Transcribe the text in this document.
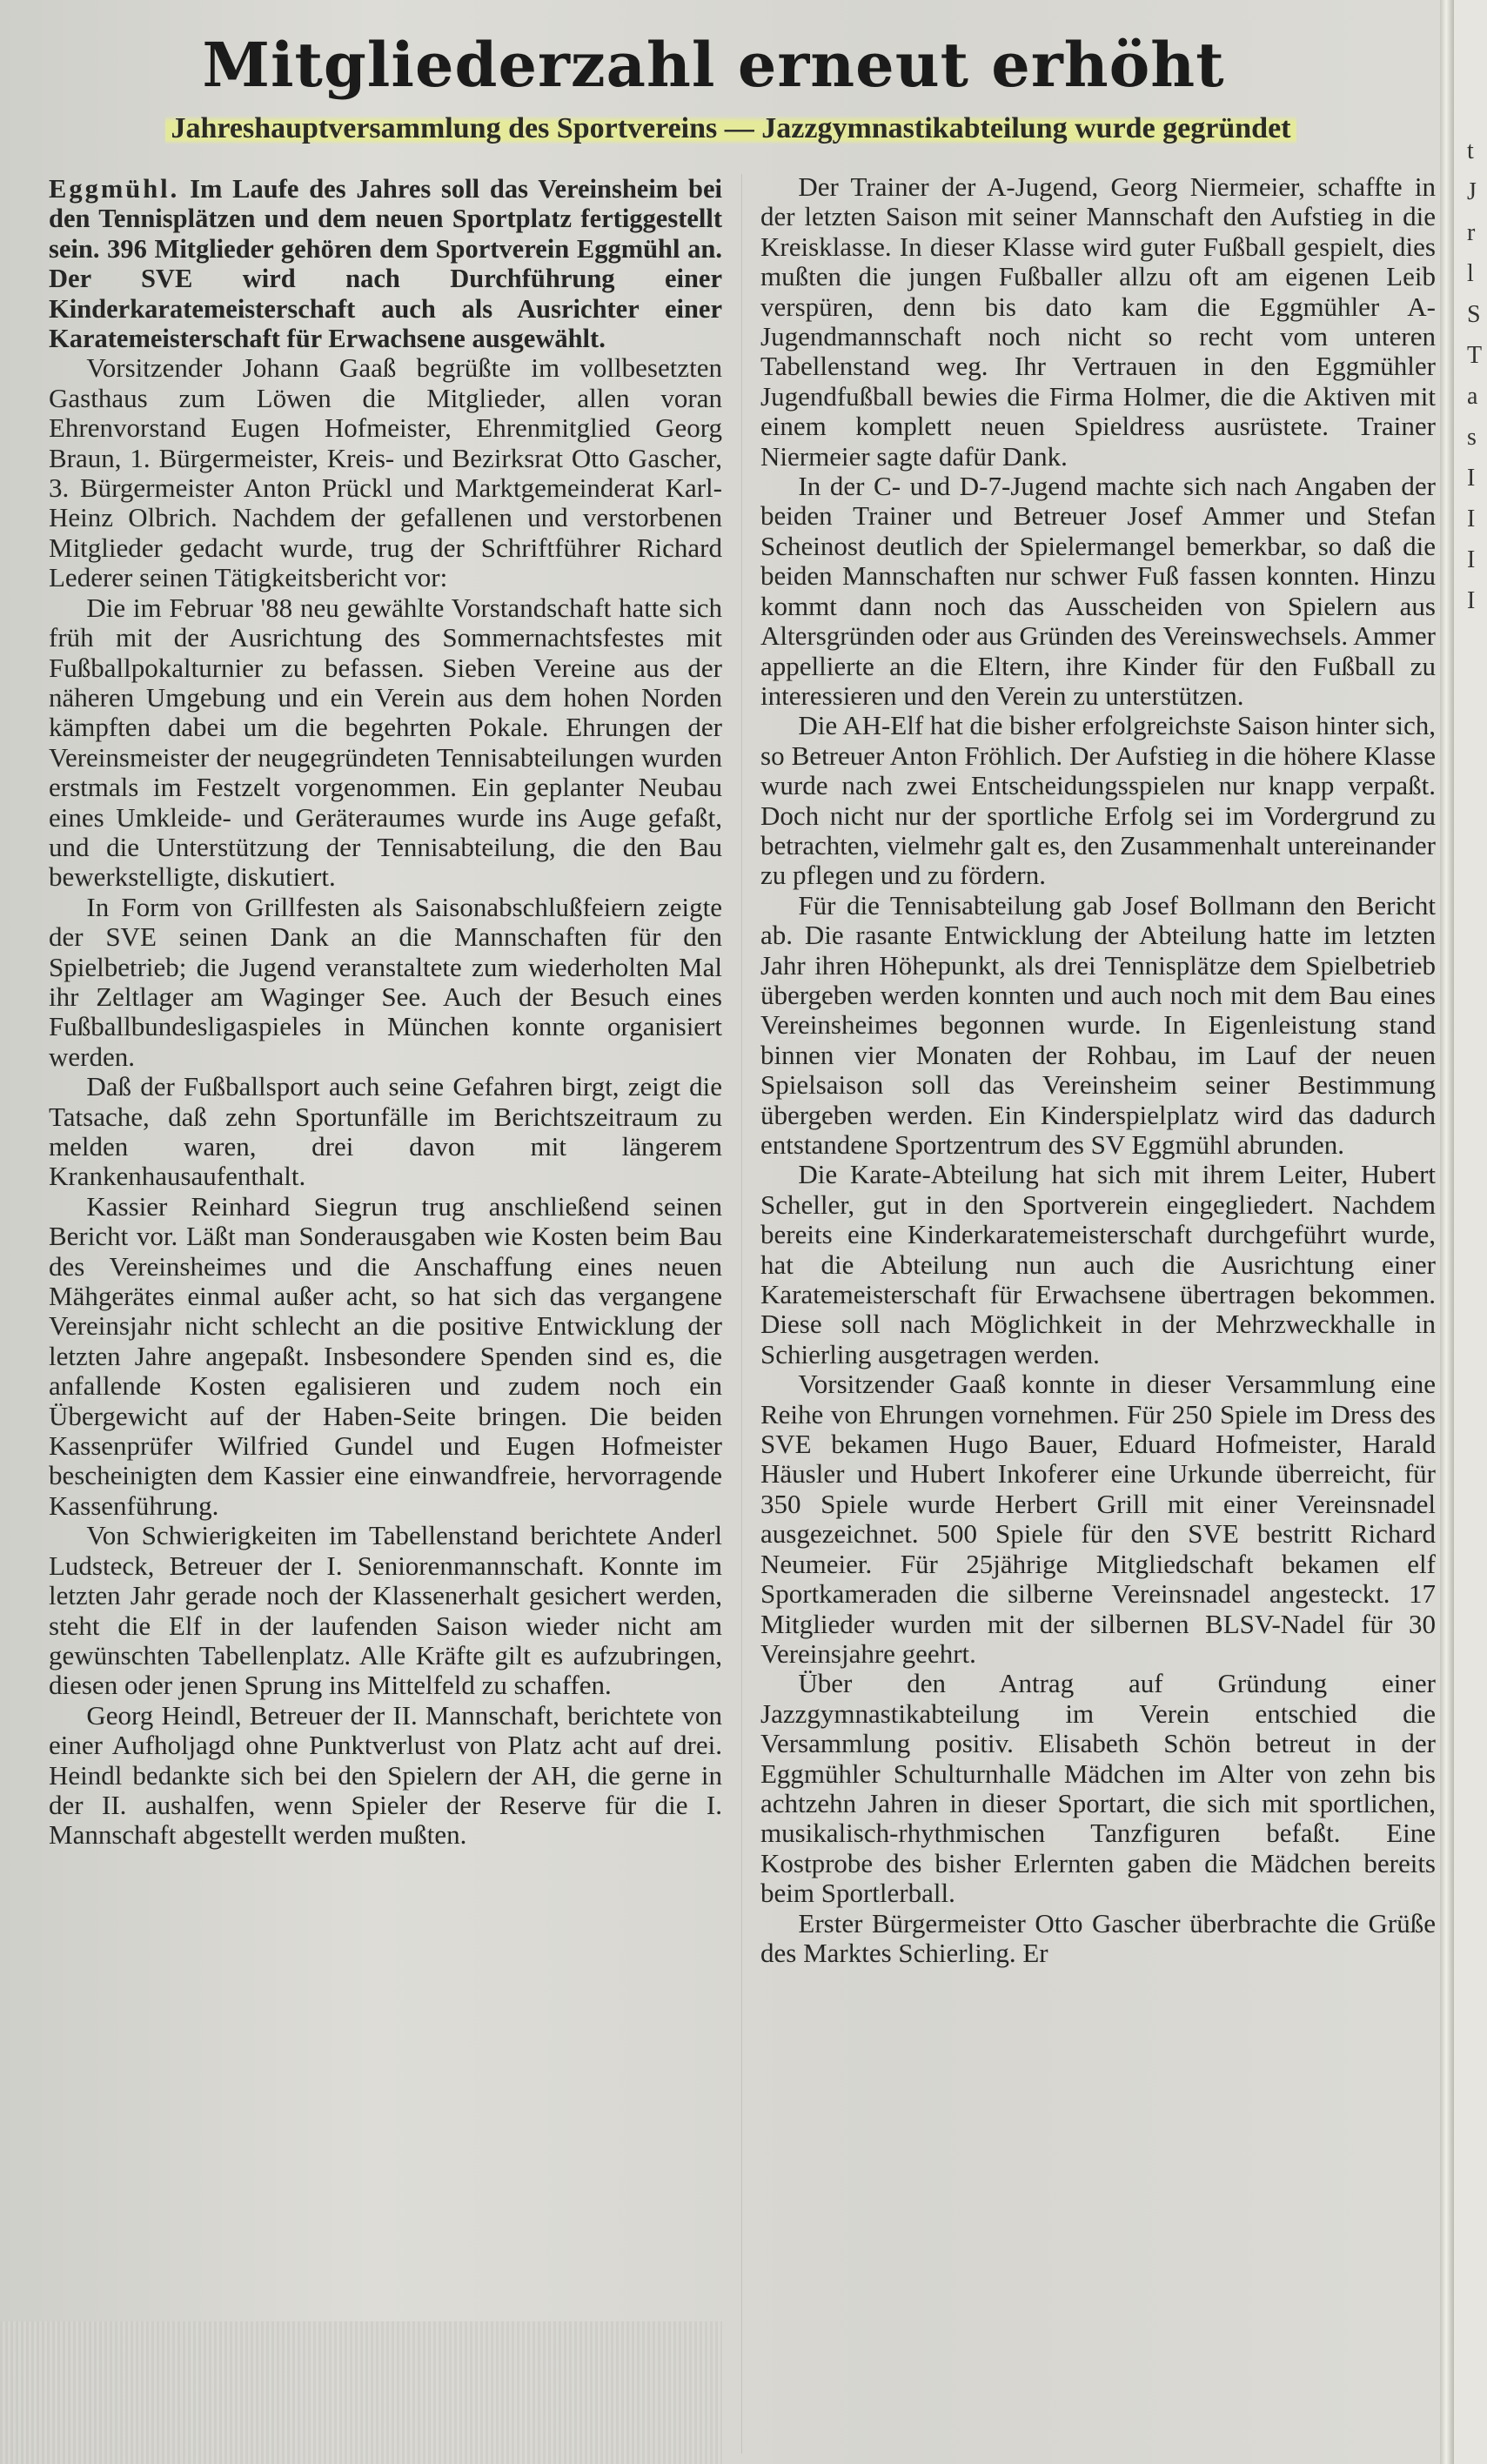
Mitgliederzahl erneut erhöht
Jahreshauptversammlung des Sportvereins — Jazzgymnastikabteilung wurde gegründet

Eggmühl. Im Laufe des Jahres soll das Vereinsheim bei den Tennisplätzen und dem neuen Sportplatz fertiggestellt sein. 396 Mitglieder gehören dem Sportverein Eggmühl an. Der SVE wird nach Durchführung einer Kinderkaratemeisterschaft auch als Ausrichter einer Karatemeisterschaft für Erwachsene ausgewählt.

Vorsitzender Johann Gaaß begrüßte im vollbesetzten Gasthaus zum Löwen die Mitglieder, allen voran Ehrenvorstand Eugen Hofmeister, Ehrenmitglied Georg Braun, 1. Bürgermeister, Kreis- und Bezirksrat Otto Gascher, 3. Bürgermeister Anton Prückl und Marktgemeinderat Karl-Heinz Olbrich. Nachdem der gefallenen und verstorbenen Mitglieder gedacht wurde, trug der Schriftführer Richard Lederer seinen Tätigkeitsbericht vor:

Die im Februar '88 neu gewählte Vorstandschaft hatte sich früh mit der Ausrichtung des Sommernachtsfestes mit Fußballpokalturnier zu befassen. Sieben Vereine aus der näheren Umgebung und ein Verein aus dem hohen Norden kämpften dabei um die begehrten Pokale. Ehrungen der Vereinsmeister der neugegründeten Tennisabteilungen wurden erstmals im Festzelt vorgenommen. Ein geplanter Neubau eines Umkleide- und Geräteraumes wurde ins Auge gefaßt, und die Unterstützung der Tennisabteilung, die den Bau bewerkstelligte, diskutiert.

In Form von Grillfesten als Saisonabschlußfeiern zeigte der SVE seinen Dank an die Mannschaften für den Spielbetrieb; die Jugend veranstaltete zum wiederholten Mal ihr Zeltlager am Waginger See. Auch der Besuch eines Fußballbundesligaspieles in München konnte organisiert werden.

Daß der Fußballsport auch seine Gefahren birgt, zeigt die Tatsache, daß zehn Sportunfälle im Berichtszeitraum zu melden waren, drei davon mit längerem Krankenhausaufenthalt.

Kassier Reinhard Siegrun trug anschließend seinen Bericht vor. Läßt man Sonderausgaben wie Kosten beim Bau des Vereinsheimes und die Anschaffung eines neuen Mähgerätes einmal außer acht, so hat sich das vergangene Vereinsjahr nicht schlecht an die positive Entwicklung der letzten Jahre angepaßt. Insbesondere Spenden sind es, die anfallende Kosten egalisieren und zudem noch ein Übergewicht auf der Haben-Seite bringen. Die beiden Kassenprüfer Wilfried Gundel und Eugen Hofmeister bescheinigten dem Kassier eine einwandfreie, hervorragende Kassenführung.

Von Schwierigkeiten im Tabellenstand berichtete Anderl Ludsteck, Betreuer der I. Seniorenmannschaft. Konnte im letzten Jahr gerade noch der Klassenerhalt gesichert werden, steht die Elf in der laufenden Saison wieder nicht am gewünschten Tabellenplatz. Alle Kräfte gilt es aufzubringen, diesen oder jenen Sprung ins Mittelfeld zu schaffen.

Georg Heindl, Betreuer der II. Mannschaft, berichtete von einer Aufholjagd ohne Punktverlust von Platz acht auf drei. Heindl bedankte sich bei den Spielern der AH, die gerne in der II. aushalfen, wenn Spieler der Reserve für die I. Mannschaft abgestellt werden mußten.

Der Trainer der A-Jugend, Georg Niermeier, schaffte in der letzten Saison mit seiner Mannschaft den Aufstieg in die Kreisklasse. In dieser Klasse wird guter Fußball gespielt, dies mußten die jungen Fußballer allzu oft am eigenen Leib verspüren, denn bis dato kam die Eggmühler A-Jugendmannschaft noch nicht so recht vom unteren Tabellenstand weg. Ihr Vertrauen in den Eggmühler Jugendfußball bewies die Firma Holmer, die die Aktiven mit einem komplett neuen Spieldress ausrüstete. Trainer Niermeier sagte dafür Dank.

In der C- und D-7-Jugend machte sich nach Angaben der beiden Trainer und Betreuer Josef Ammer und Stefan Scheinost deutlich der Spielermangel bemerkbar, so daß die beiden Mannschaften nur schwer Fuß fassen konnten. Hinzu kommt dann noch das Ausscheiden von Spielern aus Altersgründen oder aus Gründen des Vereinswechsels. Ammer appellierte an die Eltern, ihre Kinder für den Fußball zu interessieren und den Verein zu unterstützen.

Die AH-Elf hat die bisher erfolgreichste Saison hinter sich, so Betreuer Anton Fröhlich. Der Aufstieg in die höhere Klasse wurde nach zwei Entscheidungsspielen nur knapp verpaßt. Doch nicht nur der sportliche Erfolg sei im Vordergrund zu betrachten, vielmehr galt es, den Zusammenhalt untereinander zu pflegen und zu fördern.

Für die Tennisabteilung gab Josef Bollmann den Bericht ab. Die rasante Entwicklung der Abteilung hatte im letzten Jahr ihren Höhepunkt, als drei Tennisplätze dem Spielbetrieb übergeben werden konnten und auch noch mit dem Bau eines Vereinsheimes begonnen wurde. In Eigenleistung stand binnen vier Monaten der Rohbau, im Lauf der neuen Spielsaison soll das Vereinsheim seiner Bestimmung übergeben werden. Ein Kinderspielplatz wird das dadurch entstandene Sportzentrum des SV Eggmühl abrunden.

Die Karate-Abteilung hat sich mit ihrem Leiter, Hubert Scheller, gut in den Sportverein eingegliedert. Nachdem bereits eine Kinderkaratemeisterschaft durchgeführt wurde, hat die Abteilung nun auch die Ausrichtung einer Karatemeisterschaft für Erwachsene übertragen bekommen. Diese soll nach Möglichkeit in der Mehrzweckhalle in Schierling ausgetragen werden.

Vorsitzender Gaaß konnte in dieser Versammlung eine Reihe von Ehrungen vornehmen. Für 250 Spiele im Dress des SVE bekamen Hugo Bauer, Eduard Hofmeister, Harald Häusler und Hubert Inkoferer eine Urkunde überreicht, für 350 Spiele wurde Herbert Grill mit einer Vereinsnadel ausgezeichnet. 500 Spiele für den SVE bestritt Richard Neumeier. Für 25jährige Mitgliedschaft bekamen elf Sportkameraden die silberne Vereinsnadel angesteckt. 17 Mitglieder wurden mit der silbernen BLSV-Nadel für 30 Vereinsjahre geehrt.

Über den Antrag auf Gründung einer Jazzgymnastikabteilung im Verein entschied die Versammlung positiv. Elisabeth Schön betreut in der Eggmühler Schulturnhalle Mädchen im Alter von zehn bis achtzehn Jahren in dieser Sportart, die sich mit sportlichen, musikalisch-rhythmischen Tanzfiguren befaßt. Eine Kostprobe des bisher Erlernten gaben die Mädchen bereits beim Sportlerball.

Erster Bürgermeister Otto Gascher überbrachte die Grüße des Marktes Schierling. Er

t
J
r
l
S
T
a
s
I
I
I
I
